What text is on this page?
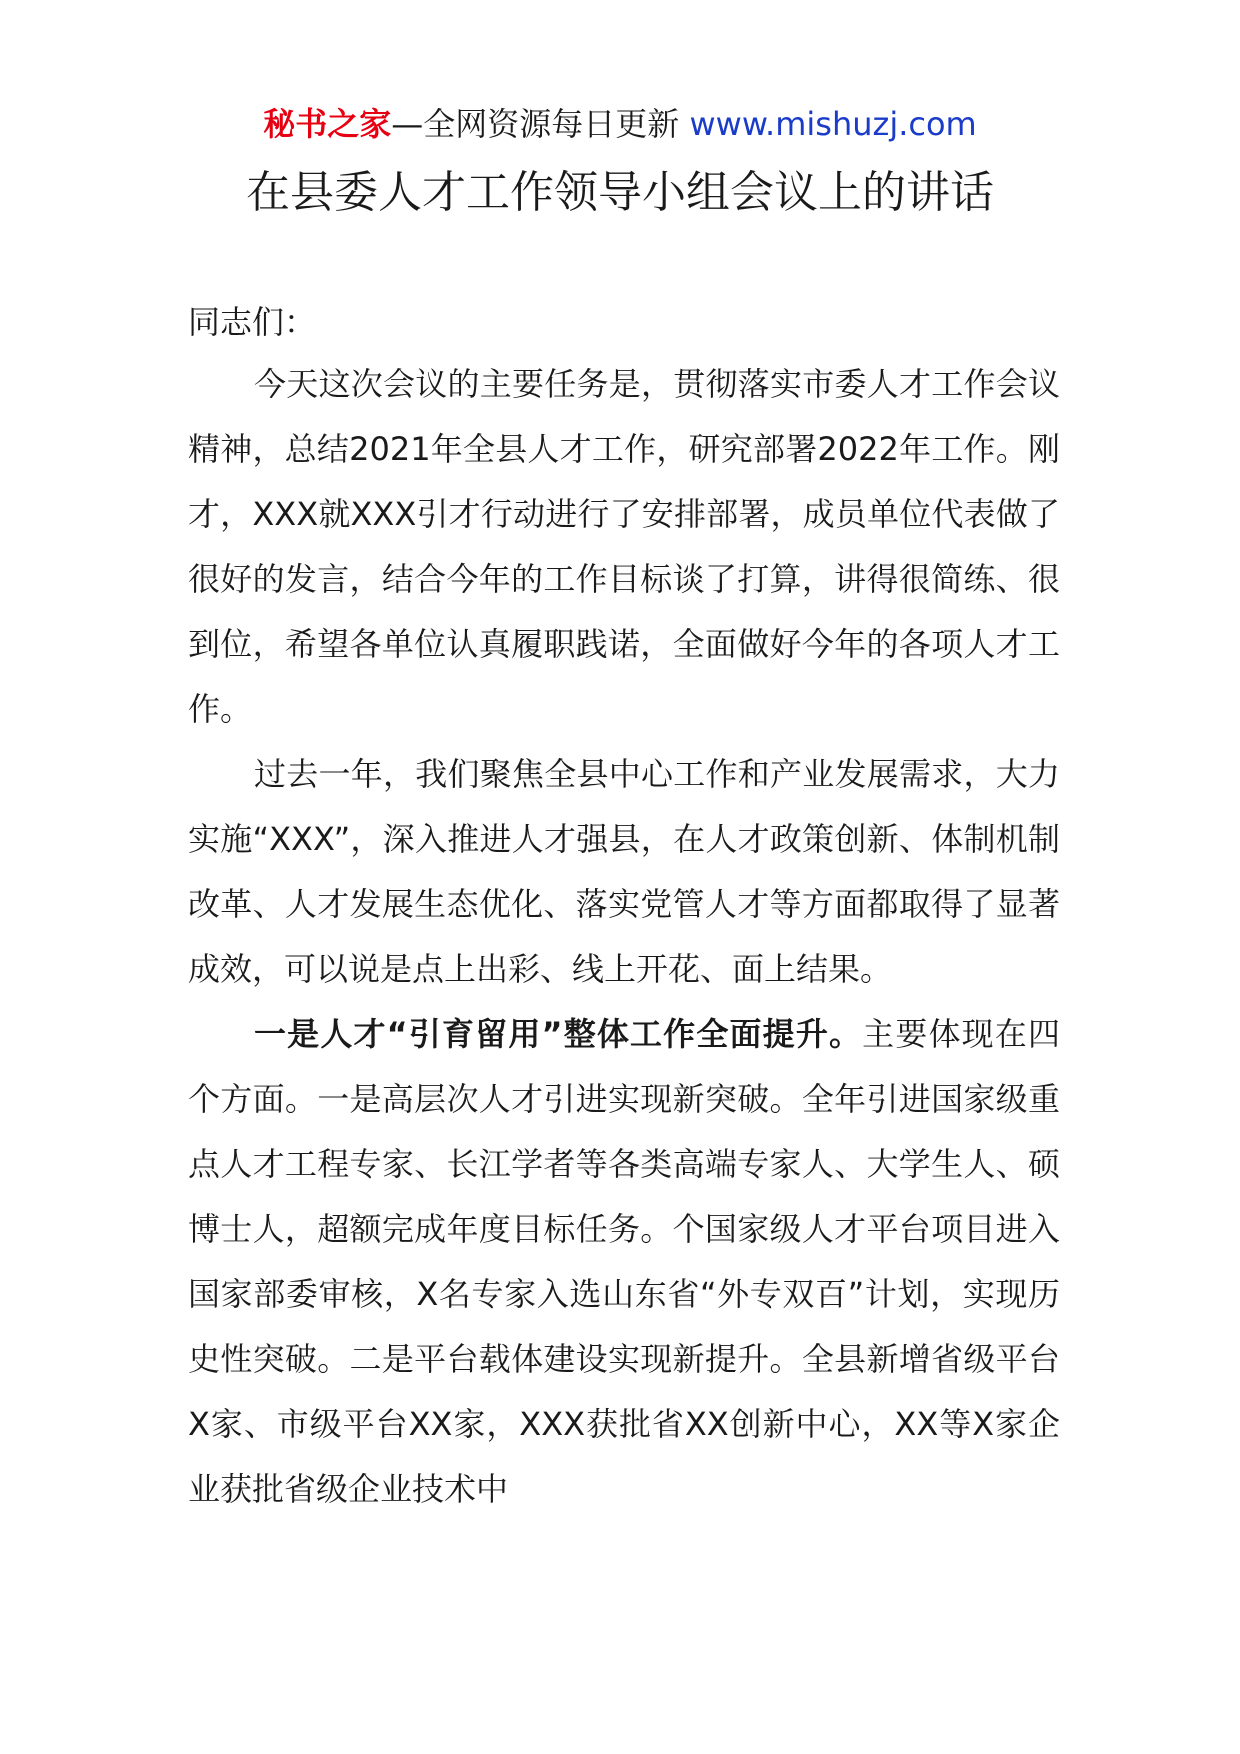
秘书之家—全网资源每日更新 www.mishuzj.com
在县委人才工作领导小组会议上的讲话

同志们：

今天这次会议的主要任务是，贯彻落实市委人才工作会议精神，总结2021年全县人才工作，研究部署2022年工作。刚才，XXX就XXX引才行动进行了安排部署，成员单位代表做了很好的发言，结合今年的工作目标谈了打算，讲得很简练、很到位，希望各单位认真履职践诺，全面做好今年的各项人才工作。

过去一年，我们聚焦全县中心工作和产业发展需求，大力实施“XXX”，深入推进人才强县，在人才政策创新、体制机制改革、人才发展生态优化、落实党管人才等方面都取得了显著成效，可以说是点上出彩、线上开花、面上结果。

一是人才“引育留用”整体工作全面提升。主要体现在四个方面。一是高层次人才引进实现新突破。全年引进国家级重点人才工程专家、长江学者等各类高端专家人、大学生人、硕博士人，超额完成年度目标任务。个国家级人才平台项目进入国家部委审核，X名专家入选山东省“外专双百”计划，实现历史性突破。二是平台载体建设实现新提升。全县新增省级平台X家、市级平台XX家，XXX获批省XX创新中心，XX等X家企业获批省级企业技术中
